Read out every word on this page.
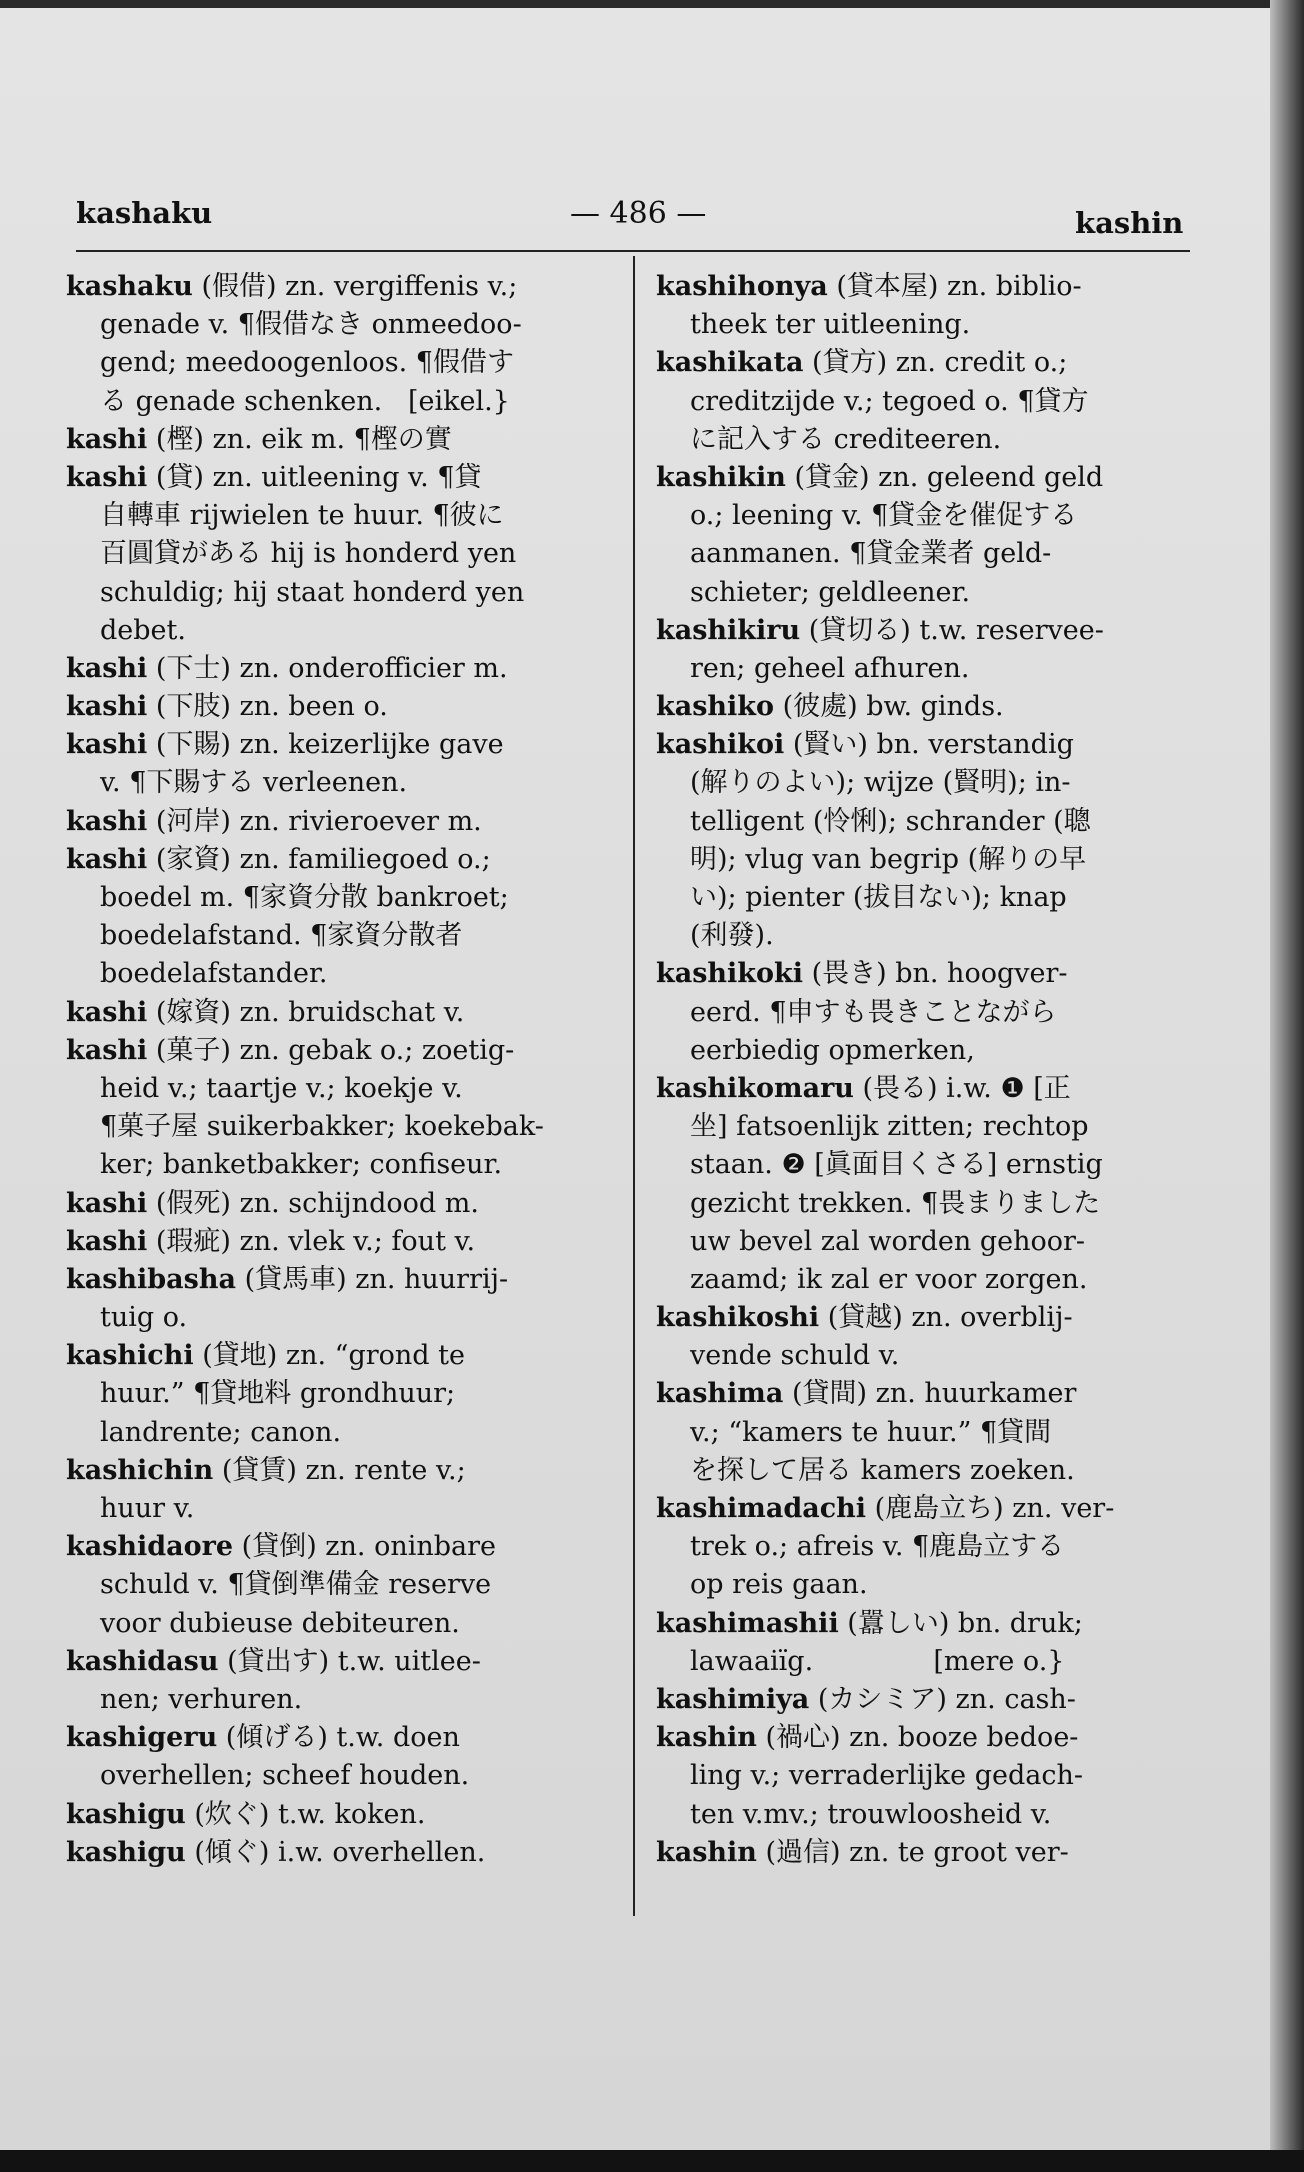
kashaku	— 486 —	kashin
kashaku (假借) zn. vergiffenis v.;
genade v. ¶假借なき onmeedoo-
gend; meedoogenloos. ¶假借す
る genade schenken.   [eikel.}
kashi (樫) zn. eik m. ¶樫の實
kashi (貸) zn. uitleening v. ¶貸
自轉車 rijwielen te huur. ¶彼に
百圓貸がある hij is honderd yen
schuldig; hij staat honderd yen
debet.
kashi (下士) zn. onderofficier m.
kashi (下肢) zn. been o.
kashi (下賜) zn. keizerlijke gave
v. ¶下賜する verleenen.
kashi (河岸) zn. rivieroever m.
kashi (家資) zn. familiegoed o.;
boedel m. ¶家資分散 bankroet;
boedelafstand. ¶家資分散者
boedelafstander.
kashi (嫁資) zn. bruidschat v.
kashi (菓子) zn. gebak o.; zoetig-
heid v.; taartje v.; koekje v.
¶菓子屋 suikerbakker; koekebak-
ker; banketbakker; confiseur.
kashi (假死) zn. schijndood m.
kashi (瑕疵) zn. vlek v.; fout v.
kashibasha (貸馬車) zn. huurrij-
tuig o.
kashichi (貸地) zn. “grond te
huur.” ¶貸地料 grondhuur;
landrente; canon.
kashichin (貸賃) zn. rente v.;
huur v.
kashidaore (貸倒) zn. oninbare
schuld v. ¶貸倒準備金 reserve
voor dubieuse debiteuren.
kashidasu (貸出す) t.w. uitlee-
nen; verhuren.
kashigeru (傾げる) t.w. doen
overhellen; scheef houden.
kashigu (炊ぐ) t.w. koken.
kashigu (傾ぐ) i.w. overhellen.
kashihonya (貸本屋) zn. biblio-
theek ter uitleening.
kashikata (貸方) zn. credit o.;
creditzijde v.; tegoed o. ¶貸方
に記入する crediteeren.
kashikin (貸金) zn. geleend geld
o.; leening v. ¶貸金を催促する
aanmanen. ¶貸金業者 geld-
schieter; geldleener.
kashikiru (貸切る) t.w. reservee-
ren; geheel afhuren.
kashiko (彼處) bw. ginds.
kashikoi (賢い) bn. verstandig
(解りのよい); wijze (賢明); in-
telligent (怜悧); schrander (聰
明); vlug van begrip (解りの早
い); pienter (拔目ない); knap
(利發).
kashikoki (畏き) bn. hoogver-
eerd. ¶申すも畏きことながら
eerbiedig opmerken,
kashikomaru (畏る) i.w. ❶ [正
坐] fatsoenlijk zitten; rechtop
staan. ❷ [眞面目くさる] ernstig
gezicht trekken. ¶畏まりました
uw bevel zal worden gehoor-
zaamd; ik zal er voor zorgen.
kashikoshi (貸越) zn. overblij-
vende schuld v.
kashima (貸間) zn. huurkamer
v.; “kamers te huur.” ¶貸間
を探して居る kamers zoeken.
kashimadachi (鹿島立ち) zn. ver-
trek o.; afreis v. ¶鹿島立する
op reis gaan.
kashimashii (囂しい) bn. druk;
lawaaiïg.              [mere o.}
kashimiya (カシミア) zn. cash-
kashin (禍心) zn. booze bedoe-
ling v.; verraderlijke gedach-
ten v.mv.; trouwloosheid v.
kashin (過信) zn. te groot ver-
